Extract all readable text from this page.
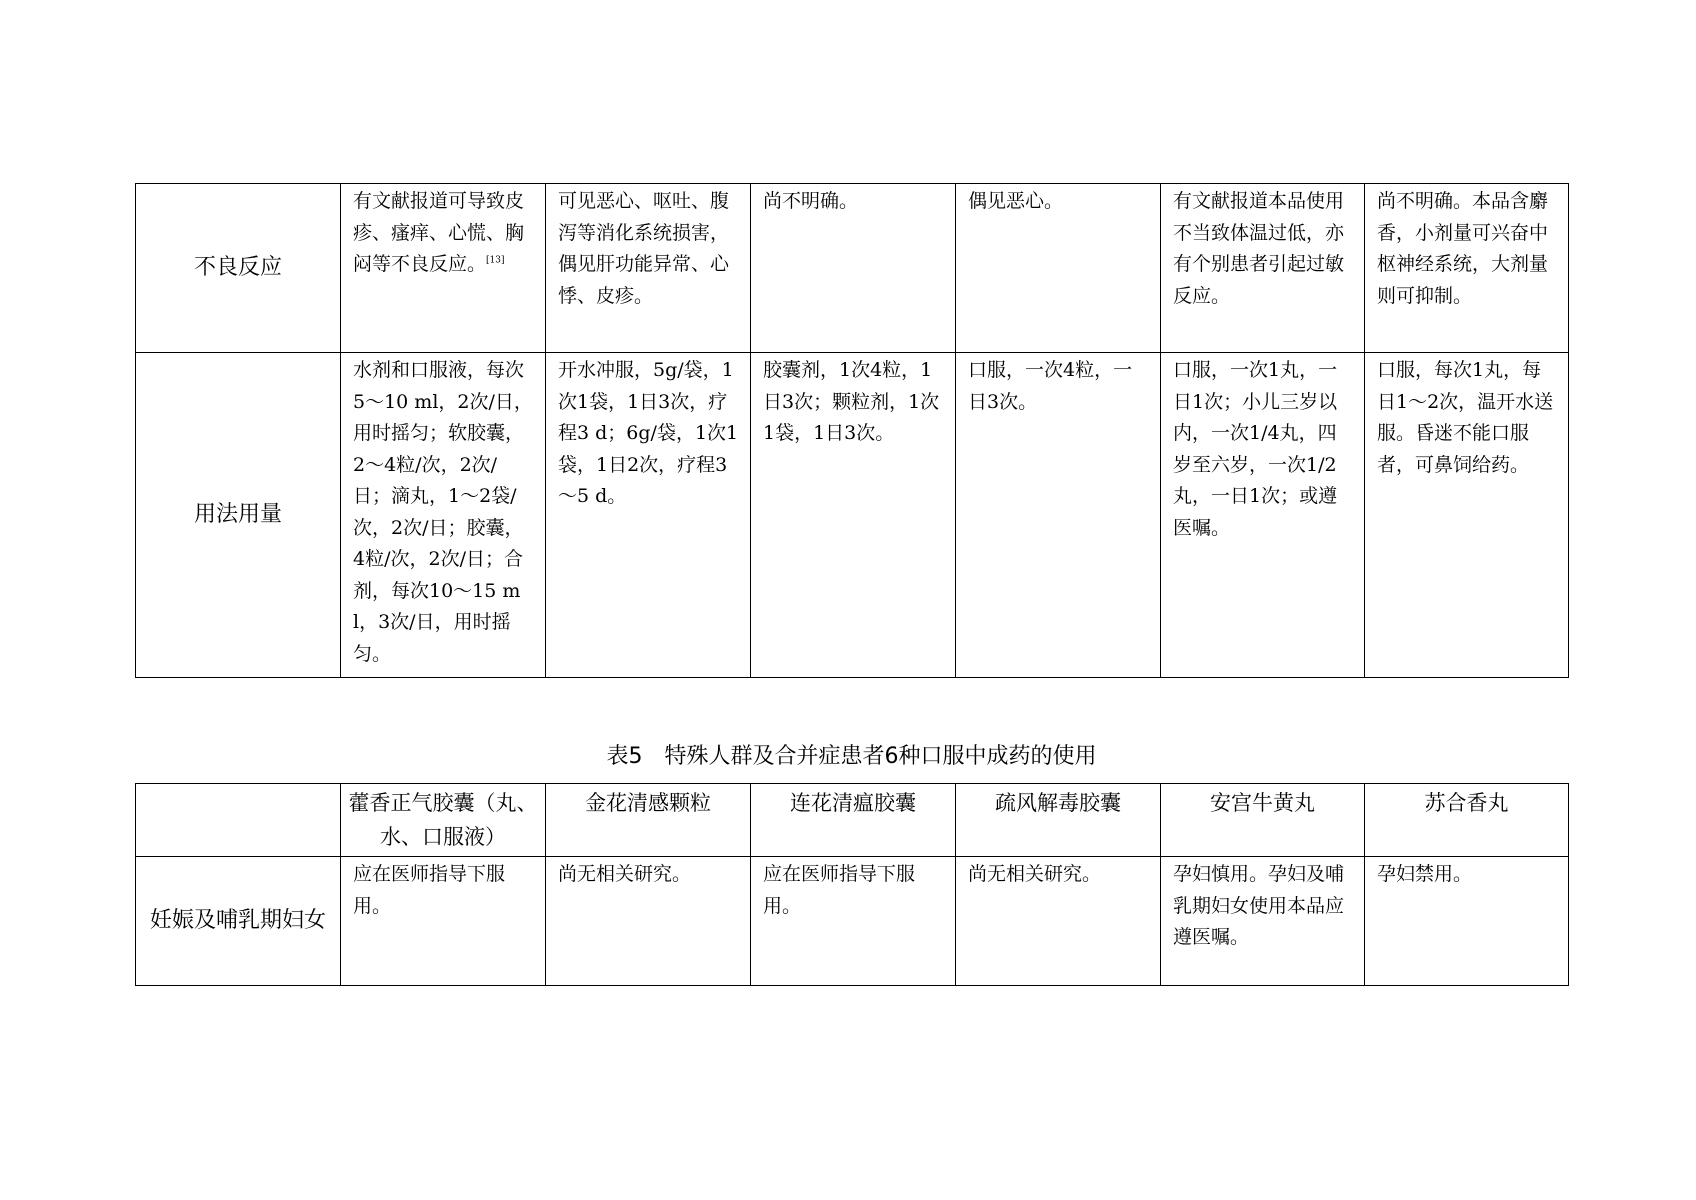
不良反应	有文献报道可导致皮疹、瘙痒、心慌、胸闷等不良反应。[13]	可见恶心、呕吐、腹泻等消化系统损害，偶见肝功能异常、心悸、皮疹。	尚不明确。	偶见恶心。	有文献报道本品使用不当致体温过低，亦有个别患者引起过敏反应。	尚不明确。本品含麝香，小剂量可兴奋中枢神经系统，大剂量则可抑制。
用法用量	水剂和口服液，每次5～10 ml，2次/日，用时摇匀；软胶囊，2～4粒/次，2次/日；滴丸，1～2袋/次，2次/日；胶囊，4粒/次，2次/日；合剂，每次10～15 ml，3次/日，用时摇匀。	开水冲服，5g/袋，1次1袋，1日3次，疗程3 d；6g/袋，1次1袋，1日2次，疗程3～5 d。	胶囊剂，1次4粒，1日3次；颗粒剂，1次1袋，1日3次。	口服，一次4粒，一日3次。	口服，一次1丸，一日1次；小儿三岁以内，一次1/4丸，四岁至六岁，一次1/2丸，一日1次；或遵医嘱。	口服，每次1丸，每日1～2次，温开水送服。昏迷不能口服者，可鼻饲给药。
表5　特殊人群及合并症患者6种口服中成药的使用
	藿香正气胶囊（丸、水、口服液）	金花清感颗粒	连花清瘟胶囊	疏风解毒胶囊	安宫牛黄丸	苏合香丸
妊娠及哺乳期妇女	应在医师指导下服用。	尚无相关研究。	应在医师指导下服用。	尚无相关研究。	孕妇慎用。孕妇及哺乳期妇女使用本品应遵医嘱。	孕妇禁用。
